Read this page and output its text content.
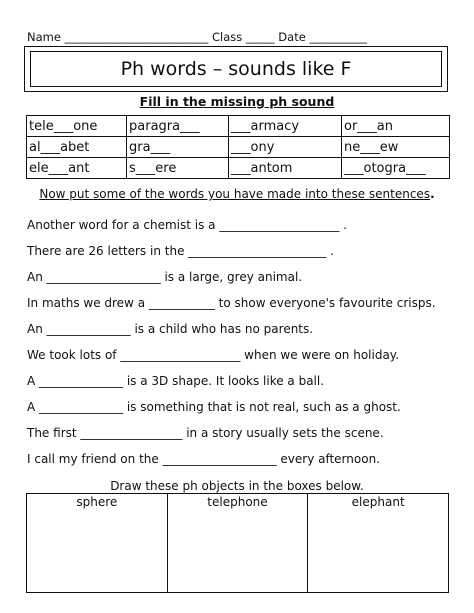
Name _________________________ Class _____ Date __________
Ph words – sounds like F
Fill in the missing ph sound
tele___one	paragra___	___armacy	or___an
al___abet	gra___	___ony	ne___ew
ele___ant	s___ere	___antom	___otogra___
Now put some of the words you have made into these sentences.
Another word for a chemist is a ____________________ .
There are 26 letters in the _______________________ .
An ___________________ is a large, grey animal.
In maths we drew a ___________ to show everyone's favourite crisps.
An ______________ is a child who has no parents.
We took lots of ____________________ when we were on holiday.
A ______________ is a 3D shape. It looks like a ball.
A ______________ is something that is not real, such as a ghost.
The first _________________ in a story usually sets the scene.
I call my friend on the ___________________ every afternoon.
Draw these ph objects in the boxes below.
sphere	telephone	elephant
